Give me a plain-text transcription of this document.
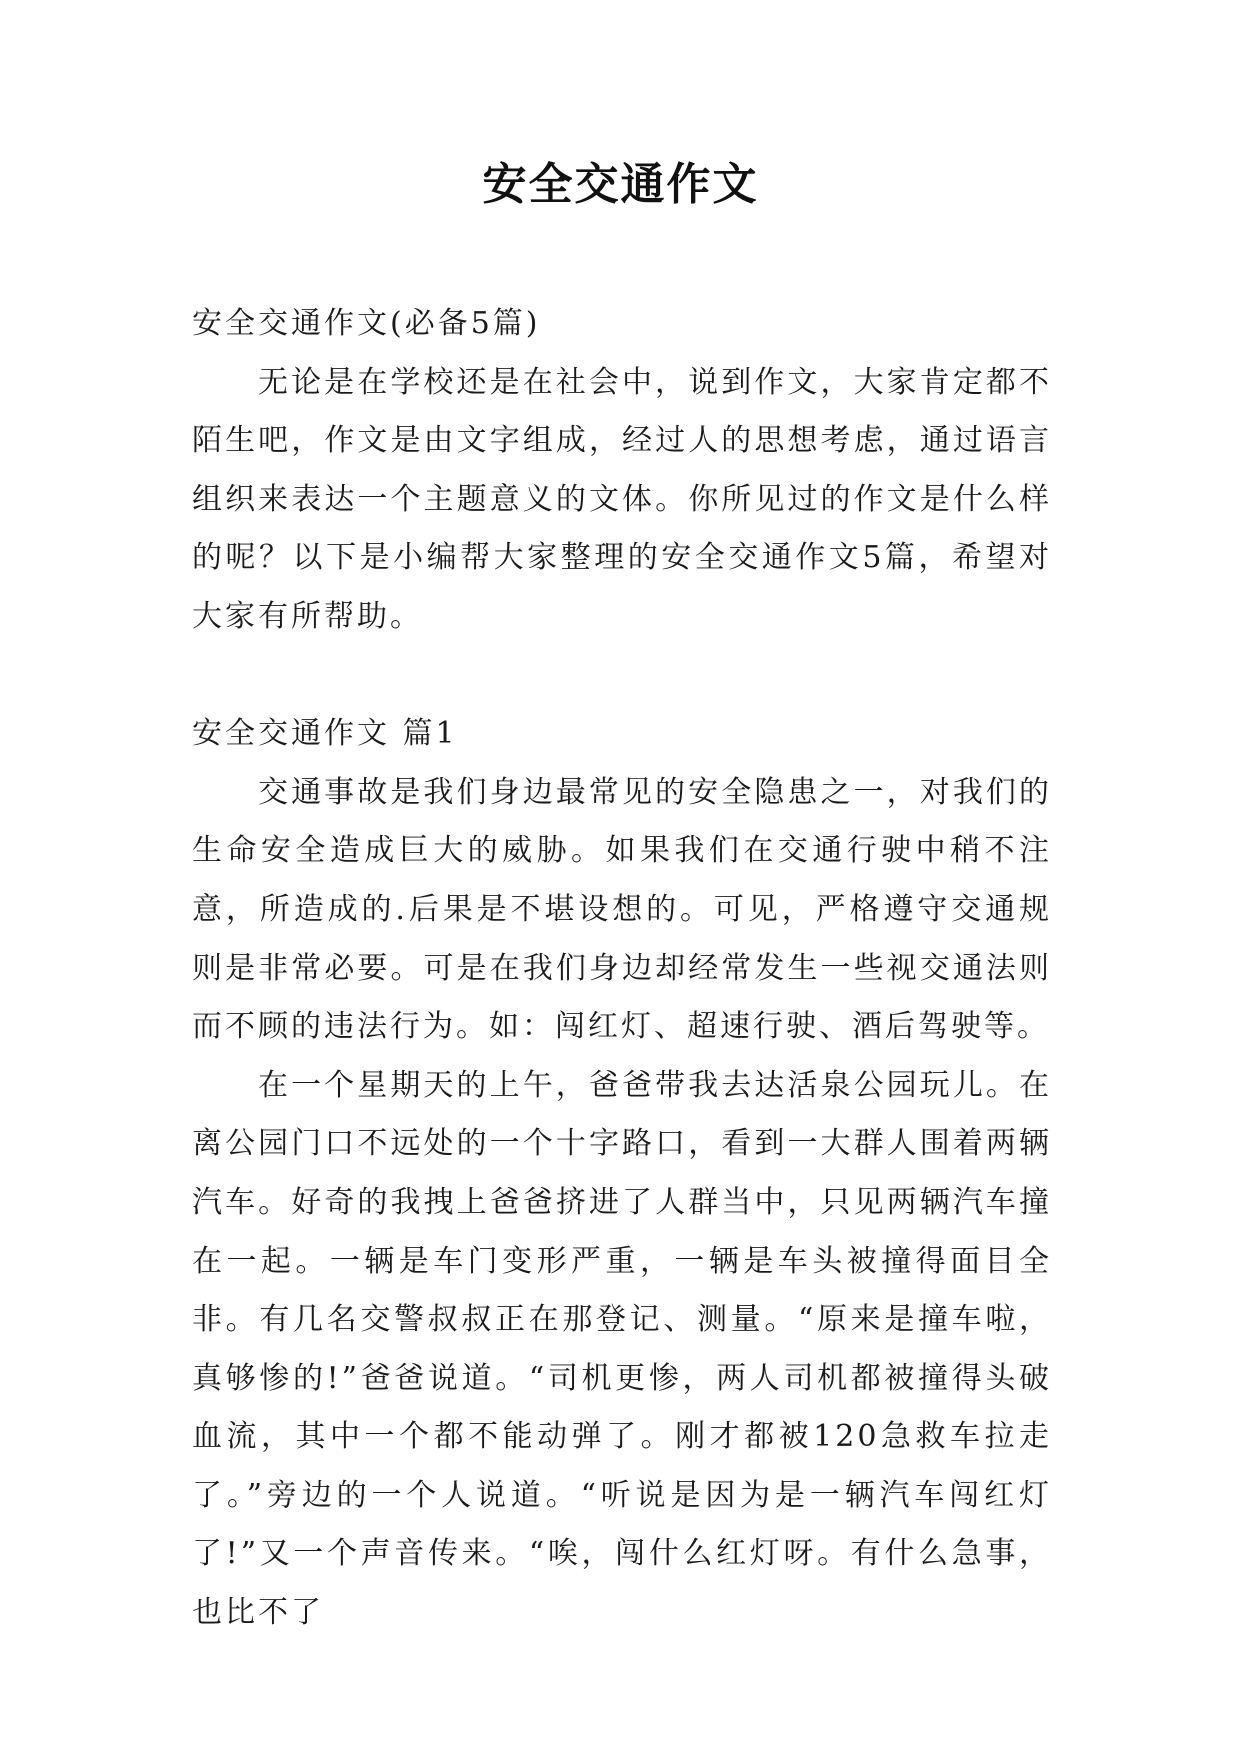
安全交通作文

安全交通作文(必备5篇)

无论是在学校还是在社会中，说到作文，大家肯定都不陌生吧，作文是由文字组成，经过人的思想考虑，通过语言组织来表达一个主题意义的文体。你所见过的作文是什么样的呢？以下是小编帮大家整理的安全交通作文5篇，希望对大家有所帮助。

安全交通作文 篇1

交通事故是我们身边最常见的安全隐患之一，对我们的生命安全造成巨大的威胁。如果我们在交通行驶中稍不注意，所造成的.后果是不堪设想的。可见，严格遵守交通规则是非常必要。可是在我们身边却经常发生一些视交通法则而不顾的违法行为。如：闯红灯、超速行驶、酒后驾驶等。

在一个星期天的上午，爸爸带我去达活泉公园玩儿。在离公园门口不远处的一个十字路口，看到一大群人围着两辆汽车。好奇的我拽上爸爸挤进了人群当中，只见两辆汽车撞在一起。一辆是车门变形严重，一辆是车头被撞得面目全非。有几名交警叔叔正在那登记、测量。“原来是撞车啦，真够惨的!”爸爸说道。“司机更惨，两人司机都被撞得头破血流，其中一个都不能动弹了。刚才都被120急救车拉走了。”旁边的一个人说道。“听说是因为是一辆汽车闯红灯了!”又一个声音传来。“唉，闯什么红灯呀。有什么急事，也比不了
